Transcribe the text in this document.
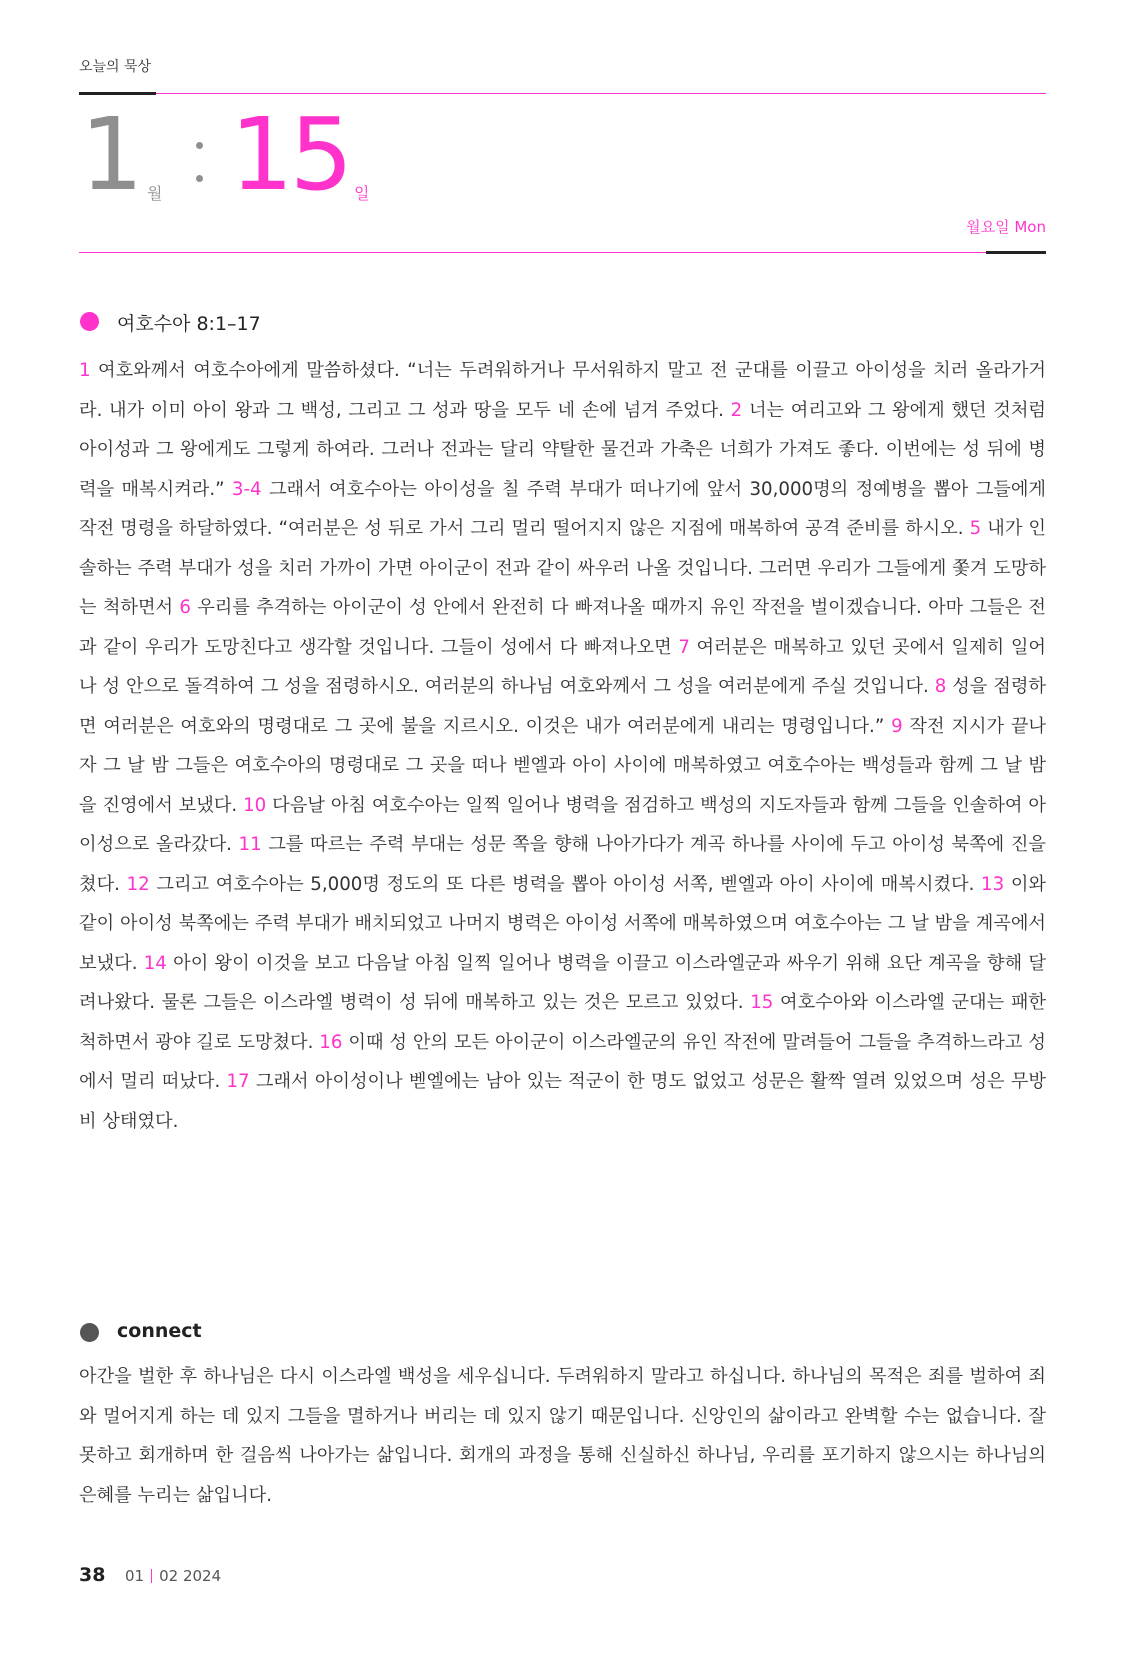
오늘의 묵상
1 월 15 일
월요일 Mon
여호수아 8:1–17

1 여호와께서 여호수아에게 말씀하셨다. “너는 두려워하거나 무서워하지 말고 전 군대를 이끌고 아이성을 치러 올라가거라. 내가 이미 아이 왕과 그 백성, 그리고 그 성과 땅을 모두 네 손에 넘겨 주었다. 2 너는 여리고와 그 왕에게 했던 것처럼 아이성과 그 왕에게도 그렇게 하여라. 그러나 전과는 달리 약탈한 물건과 가축은 너희가 가져도 좋다. 이번에는 성 뒤에 병력을 매복시켜라.” 3-4 그래서 여호수아는 아이성을 칠 주력 부대가 떠나기에 앞서 30,000명의 정예병을 뽑아 그들에게 작전 명령을 하달하였다. “여러분은 성 뒤로 가서 그리 멀리 떨어지지 않은 지점에 매복하여 공격 준비를 하시오. 5 내가 인솔하는 주력 부대가 성을 치러 가까이 가면 아이군이 전과 같이 싸우러 나올 것입니다. 그러면 우리가 그들에게 쫓겨 도망하는 척하면서 6 우리를 추격하는 아이군이 성 안에서 완전히 다 빠져나올 때까지 유인 작전을 벌이겠습니다. 아마 그들은 전과 같이 우리가 도망친다고 생각할 것입니다. 그들이 성에서 다 빠져나오면 7 여러분은 매복하고 있던 곳에서 일제히 일어나 성 안으로 돌격하여 그 성을 점령하시오. 여러분의 하나님 여호와께서 그 성을 여러분에게 주실 것입니다. 8 성을 점령하면 여러분은 여호와의 명령대로 그 곳에 불을 지르시오. 이것은 내가 여러분에게 내리는 명령입니다.” 9 작전 지시가 끝나자 그 날 밤 그들은 여호수아의 명령대로 그 곳을 떠나 벧엘과 아이 사이에 매복하였고 여호수아는 백성들과 함께 그 날 밤을 진영에서 보냈다. 10 다음날 아침 여호수아는 일찍 일어나 병력을 점검하고 백성의 지도자들과 함께 그들을 인솔하여 아이성으로 올라갔다. 11 그를 따르는 주력 부대는 성문 쪽을 향해 나아가다가 계곡 하나를 사이에 두고 아이성 북쪽에 진을 쳤다. 12 그리고 여호수아는 5,000명 정도의 또 다른 병력을 뽑아 아이성 서쪽, 벧엘과 아이 사이에 매복시켰다. 13 이와 같이 아이성 북쪽에는 주력 부대가 배치되었고 나머지 병력은 아이성 서쪽에 매복하였으며 여호수아는 그 날 밤을 계곡에서 보냈다. 14 아이 왕이 이것을 보고 다음날 아침 일찍 일어나 병력을 이끌고 이스라엘군과 싸우기 위해 요단 계곡을 향해 달려나왔다. 물론 그들은 이스라엘 병력이 성 뒤에 매복하고 있는 것은 모르고 있었다. 15 여호수아와 이스라엘 군대는 패한 척하면서 광야 길로 도망쳤다. 16 이때 성 안의 모든 아이군이 이스라엘군의 유인 작전에 말려들어 그들을 추격하느라고 성에서 멀리 떠났다. 17 그래서 아이성이나 벧엘에는 남아 있는 적군이 한 명도 없었고 성문은 활짝 열려 있었으며 성은 무방비 상태였다.

connect

아간을 벌한 후 하나님은 다시 이스라엘 백성을 세우십니다. 두려워하지 말라고 하십니다. 하나님의 목적은 죄를 벌하여 죄와 멀어지게 하는 데 있지 그들을 멸하거나 버리는 데 있지 않기 때문입니다. 신앙인의 삶이라고 완벽할 수는 없습니다. 잘못하고 회개하며 한 걸음씩 나아가는 삶입니다. 회개의 과정을 통해 신실하신 하나님, 우리를 포기하지 않으시는 하나님의 은혜를 누리는 삶입니다.

38 01 02 2024
